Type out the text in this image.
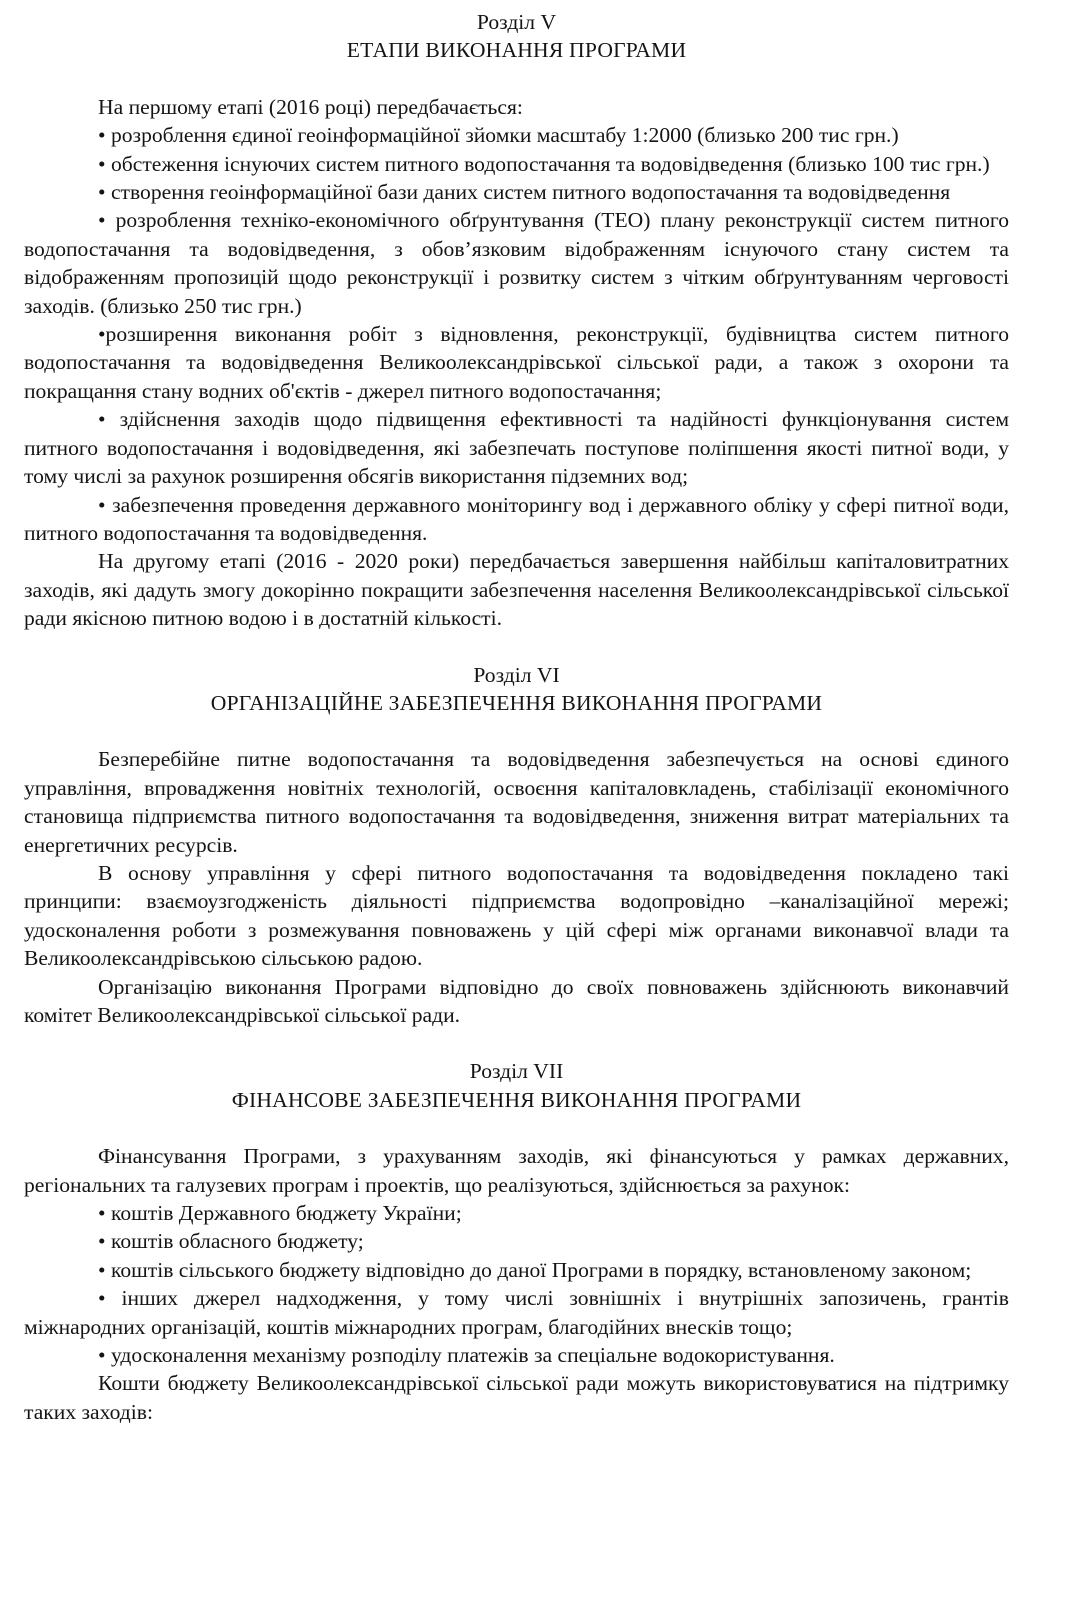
Розділ V
ЕТАПИ ВИКОНАННЯ ПРОГРАМИ

На першому етапі (2016 році) передбачається:

• розроблення єдиної геоінформаційної зйомки масштабу 1:2000 (близько 200 тис грн.)

• обстеження існуючих систем питного водопостачання та водовідведення (близько 100 тис грн.)

• створення геоінформаційної бази даних систем питного водопостачання та водовідведення

• розроблення техніко-економічного обґрунтування (ТЕО) плану реконструкції систем питного водопостачання та водовідведення, з обов’язковим відображенням існуючого стану систем та відображенням пропозицій щодо реконструкції і розвитку систем з чітким обґрунтуванням черговості заходів. (близько 250 тис грн.)

•розширення виконання робіт з відновлення, реконструкції, будівництва систем питного водопостачання та водовідведення Великоолександрівської сільської ради, а також з охорони та покращання стану водних об'єктів - джерел питного водопостачання;

• здійснення заходів щодо підвищення ефективності та надійності функціонування систем питного водопостачання і водовідведення, які забезпечать поступове поліпшення якості питної води, у тому числі за рахунок розширення обсягів використання підземних вод;

• забезпечення проведення державного моніторингу вод і державного обліку у сфері питної води, питного водопостачання та водовідведення.

На другому етапі (2016 - 2020 роки) передбачається завершення найбільш капіталовитратних заходів, які дадуть змогу докорінно покращити забезпечення населення Великоолександрівської сільської ради якісною питною водою і в достатній кількості.

Розділ VI
ОРГАНІЗАЦІЙНЕ ЗАБЕЗПЕЧЕННЯ ВИКОНАННЯ ПРОГРАМИ

Безперебійне питне водопостачання та водовідведення забезпечується на основі єдиного управління, впровадження новітніх технологій, освоєння капіталовкладень, стабілізації економічного становища підприємства питного водопостачання та водовідведення, зниження витрат матеріальних та енергетичних ресурсів.

В основу управління у сфері питного водопостачання та водовідведення покладено такі принципи: взаємоузгодженість діяльності підприємства водопровідно –каналізаційної мережі; удосконалення роботи з розмежування повноважень у цій сфері між органами виконавчої влади та Великоолександрівською сільською радою.

Організацію виконання Програми відповідно до своїх повноважень здійснюють виконавчий комітет Великоолександрівської сільської ради.

Розділ VII
ФІНАНСОВЕ ЗАБЕЗПЕЧЕННЯ ВИКОНАННЯ ПРОГРАМИ

Фінансування Програми, з урахуванням заходів, які фінансуються у рамках державних, регіональних та галузевих програм і проектів, що реалізуються, здійснюється за рахунок:

• коштів Державного бюджету України;

• коштів обласного бюджету;

• коштів сільського бюджету відповідно до даної Програми в порядку, встановленому законом;

• інших джерел надходження, у тому числі зовнішніх і внутрішніх запозичень, грантів міжнародних організацій, коштів міжнародних програм, благодійних внесків тощо;

• удосконалення механізму розподілу платежів за спеціальне водокористування.

Кошти бюджету Великоолександрівської сільської ради можуть використовуватися на підтримку таких заходів:
